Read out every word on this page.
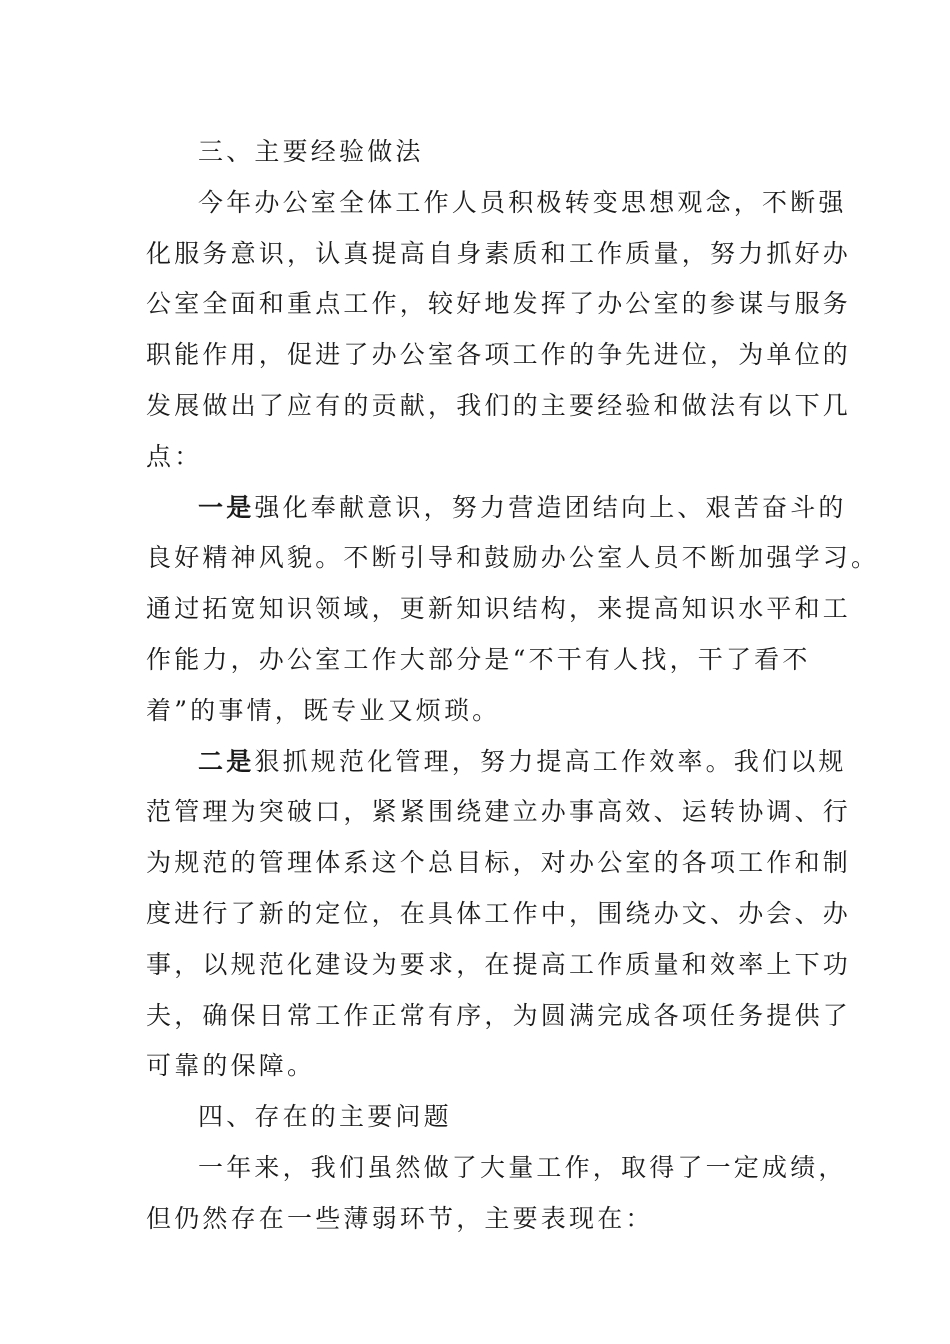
三、主要经验做法

今年办公室全体工作人员积极转变思想观念，不断强
化服务意识，认真提高自身素质和工作质量，努力抓好办
公室全面和重点工作，较好地发挥了办公室的参谋与服务
职能作用，促进了办公室各项工作的争先进位，为单位的
发展做出了应有的贡献，我们的主要经验和做法有以下几
点：

一是强化奉献意识，努力营造团结向上、艰苦奋斗的
良好精神风貌。不断引导和鼓励办公室人员不断加强学习。
通过拓宽知识领域，更新知识结构，来提高知识水平和工
作能力，办公室工作大部分是“不干有人找，干了看不
着”的事情，既专业又烦琐。

二是狠抓规范化管理，努力提高工作效率。我们以规
范管理为突破口，紧紧围绕建立办事高效、运转协调、行
为规范的管理体系这个总目标，对办公室的各项工作和制
度进行了新的定位，在具体工作中，围绕办文、办会、办
事，以规范化建设为要求，在提高工作质量和效率上下功
夫，确保日常工作正常有序，为圆满完成各项任务提供了
可靠的保障。

四、存在的主要问题

一年来，我们虽然做了大量工作，取得了一定成绩，
但仍然存在一些薄弱环节，主要表现在：
